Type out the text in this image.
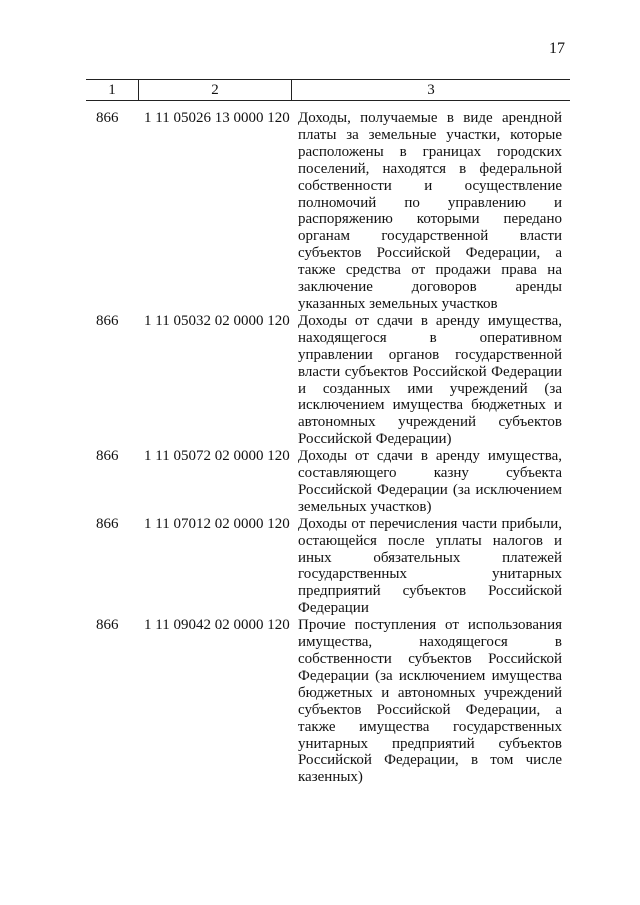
17
1	2	3
866	1 11 05026 13 0000 120 Доходы, получаемые в виде арендной платы за земельные участки, которые расположены в границах городских поселений, находятся в федеральной собственности и осуществление полномочий по управлению и распоряжению которыми передано органам государственной власти субъектов Российской Федерации, а также средства от продажи права на заключение договоров аренды указанных земельных участков
866	1 11 05032 02 0000 120 Доходы от сдачи в аренду имущества, находящегося в оперативном управлении органов государственной власти субъектов Российской Федерации и созданных ими учреждений (за исключением имущества бюджетных и автономных учреждений субъектов Российской Федерации)
866	1 11 05072 02 0000 120 Доходы от сдачи в аренду имущества, составляющего казну субъекта Российской Федерации (за исключением земельных участков)
866	1 11 07012 02 0000 120 Доходы от перечисления части прибыли, остающейся после уплаты налогов и иных обязательных платежей государственных унитарных предприятий субъектов Российской Федерации
866	1 11 09042 02 0000 120 Прочие поступления от использования имущества, находящегося в собственности субъектов Российской Федерации (за исключением имущества бюджетных и автономных учреждений субъектов Российской Федерации, а также имущества государственных унитарных предприятий субъектов Российской Федерации, в том числе казенных)
